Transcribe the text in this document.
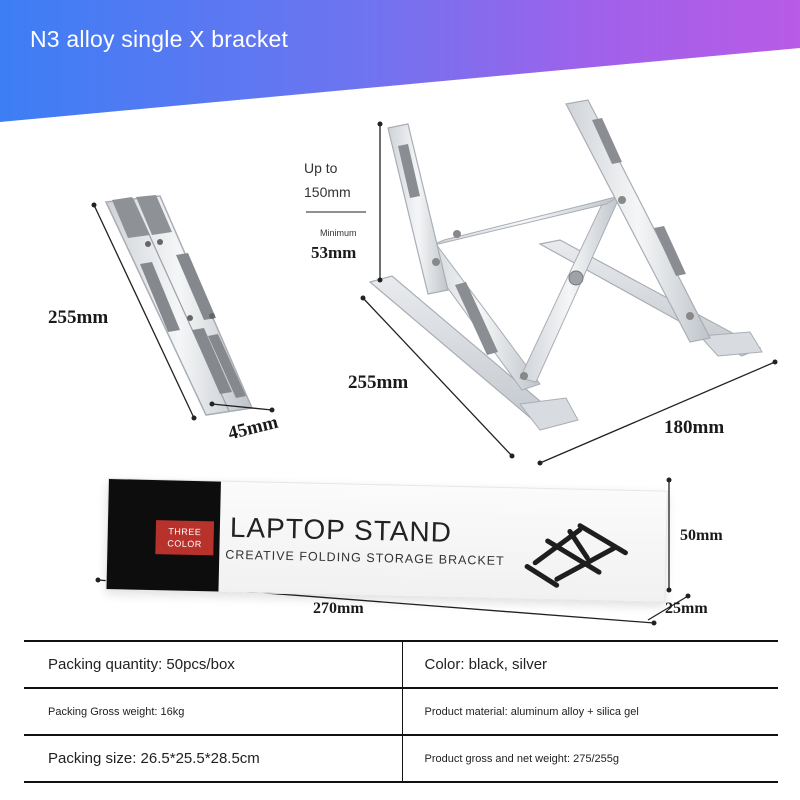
N3 alloy single X bracket
255mm
45mm
Up to
150mm
Minimum
53mm
255mm
180mm
THREE
COLOR LAPTOP STAND
CREATIVE FOLDING STORAGE BRACKET
50mm
270mm	25mm
Packing quantity: 50pcs/box	Color: black, silver
Packing Gross weight: 16kg	Product material: aluminum alloy + silica gel
Packing size: 26.5*25.5*28.5cm	Product gross and net weight: 275/255g
